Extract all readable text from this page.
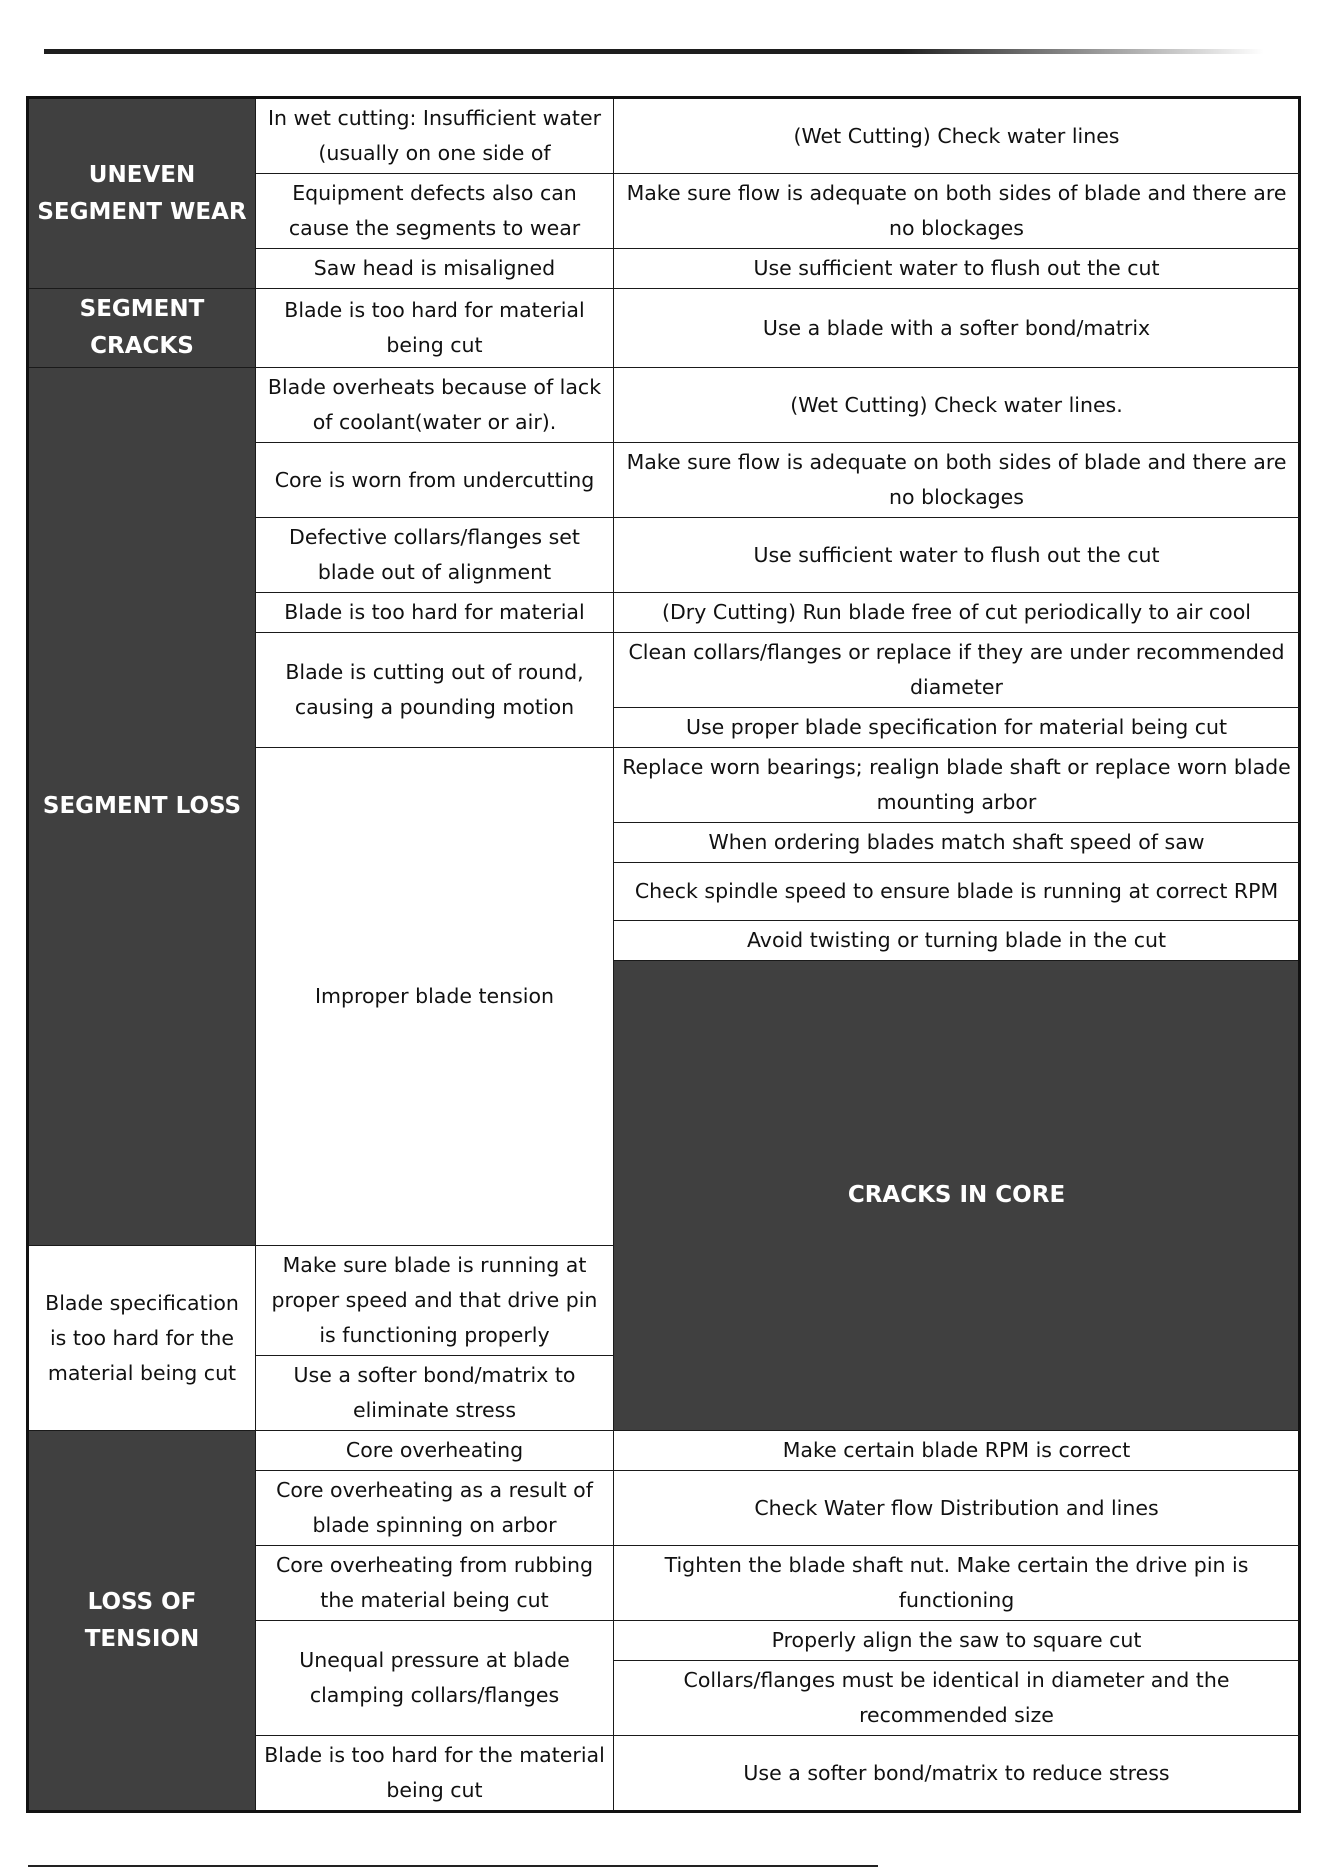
UNEVEN SEGMENT WEAR	In wet cutting: Insufficient water (usually on one side of	(Wet Cutting) Check water lines	
	Equipment defects also can cause the segments to wear	Make sure flow is adequate on both sides of blade and there are no blockages	
	Saw head is misaligned	Use sufficient water to flush out the cut	
SEGMENT CRACKS	Blade is too hard for material being cut	Use a blade with a softer bond/matrix	
SEGMENT LOSS	Blade overheats because of lack of coolant(water or air).	(Wet Cutting) Check water lines.	
	Core is worn from undercutting	Make sure flow is adequate on both sides of blade and there are no blockages	
	Defective collars/flanges set blade out of alignment	Use sufficient water to flush out the cut	
	Blade is too hard for material	(Dry Cutting) Run blade free of cut periodically to air cool	
	Blade is cutting out of round, causing a pounding motion	Clean collars/flanges or replace if they are under recommended diameter	
		Use proper blade specification for material being cut	
	Improper blade tension	Replace worn bearings; realign blade shaft or replace worn blade mounting arbor	
		When ordering blades match shaft speed of saw	
		Check spindle speed to ensure blade is running at correct RPM	
		Avoid twisting or turning blade in the cut	
		CRACKS IN CORE		
Blade specification is too hard for the material being cut	Make sure blade is running at proper speed and that drive pin is functioning properly		
	Use a softer bond/matrix to eliminate stress		
LOSS OF TENSION	Core overheating	Make certain blade RPM is correct	
	Core overheating as a result of blade spinning on arbor	Check Water flow Distribution and lines	
	Core overheating from rubbing the material being cut	Tighten the blade shaft nut. Make certain the drive pin is functioning	
	Unequal pressure at blade clamping collars/flanges	Properly align the saw to square cut	
		Collars/flanges must be identical in diameter and the recommended size	
	Blade is too hard for the material being cut	Use a softer bond/matrix to reduce stress	
